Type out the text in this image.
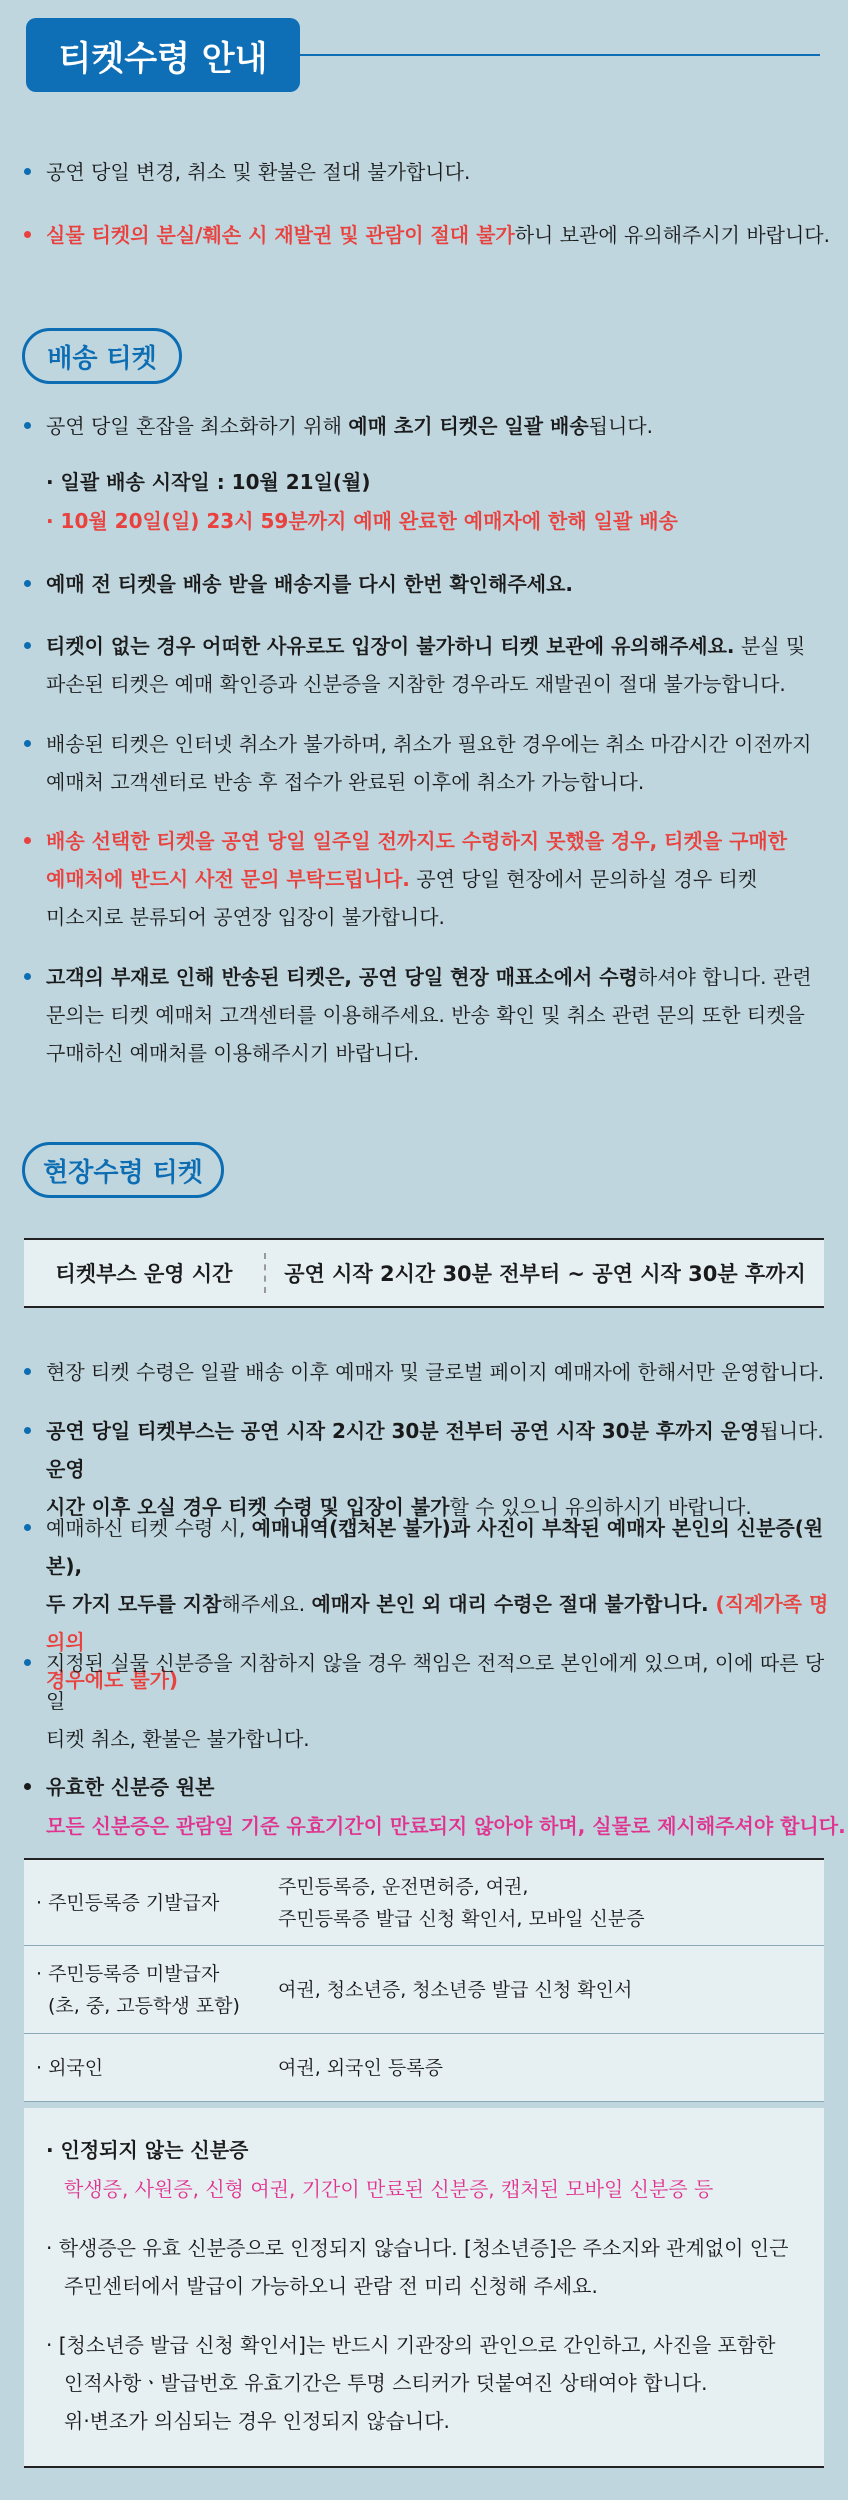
티켓수령 안내
공연 당일 변경, 취소 및 환불은 절대 불가합니다.
실물 티켓의 분실/훼손 시 재발권 및 관람이 절대 불가하니 보관에 유의해주시기 바랍니다.
배송 티켓
공연 당일 혼잡을 최소화하기 위해 예매 초기 티켓은 일괄 배송됩니다.
· 일괄 배송 시작일 : 10월 21일(월)
· 10월 20일(일) 23시 59분까지 예매 완료한 예매자에 한해 일괄 배송
예매 전 티켓을 배송 받을 배송지를 다시 한번 확인해주세요.
티켓이 없는 경우 어떠한 사유로도 입장이 불가하니 티켓 보관에 유의해주세요. 분실 및
파손된 티켓은 예매 확인증과 신분증을 지참한 경우라도 재발권이 절대 불가능합니다.
배송된 티켓은 인터넷 취소가 불가하며, 취소가 필요한 경우에는 취소 마감시간 이전까지
예매처 고객센터로 반송 후 접수가 완료된 이후에 취소가 가능합니다.
배송 선택한 티켓을 공연 당일 일주일 전까지도 수령하지 못했을 경우, 티켓을 구매한
예매처에 반드시 사전 문의 부탁드립니다. 공연 당일 현장에서 문의하실 경우 티켓
미소지로 분류되어 공연장 입장이 불가합니다.
고객의 부재로 인해 반송된 티켓은, 공연 당일 현장 매표소에서 수령하셔야 합니다. 관련
문의는 티켓 예매처 고객센터를 이용해주세요. 반송 확인 및 취소 관련 문의 또한 티켓을
구매하신 예매처를 이용해주시기 바랍니다.
현장수령 티켓
티켓부스 운영 시간	공연 시작 2시간 30분 전부터 ~ 공연 시작 30분 후까지
현장 티켓 수령은 일괄 배송 이후 예매자 및 글로벌 페이지 예매자에 한해서만 운영합니다.
공연 당일 티켓부스는 공연 시작 2시간 30분 전부터 공연 시작 30분 후까지 운영됩니다. 운영
시간 이후 오실 경우 티켓 수령 및 입장이 불가할 수 있으니 유의하시기 바랍니다.
예매하신 티켓 수령 시, 예매내역(캡처본 불가)과 사진이 부착된 예매자 본인의 신분증(원본),
두 가지 모두를 지참해주세요. 예매자 본인 외 대리 수령은 절대 불가합니다. (직계가족 명의의
경우에도 불가)
지정된 실물 신분증을 지참하지 않을 경우 책임은 전적으로 본인에게 있으며, 이에 따른 당일
티켓 취소, 환불은 불가합니다.
유효한 신분증 원본
모든 신분증은 관람일 기준 유효기간이 만료되지 않아야 하며, 실물로 제시해주셔야 합니다.
· 주민등록증 기발급자
주민등록증, 운전면허증, 여권,
주민등록증 발급 신청 확인서, 모바일 신분증
· 주민등록증 미발급자
(초, 중, 고등학생 포함)
여권, 청소년증, 청소년증 발급 신청 확인서
· 외국인	여권, 외국인 등록증
· 인정되지 않는 신분증
학생증, 사원증, 신형 여권, 기간이 만료된 신분증, 캡처된 모바일 신분증 등
· 학생증은 유효 신분증으로 인정되지 않습니다. [청소년증]은 주소지와 관계없이 인근
주민센터에서 발급이 가능하오니 관람 전 미리 신청해 주세요.
· [청소년증 발급 신청 확인서]는 반드시 기관장의 관인으로 간인하고, 사진을 포함한
인적사항ㆍ발급번호 유효기간은 투명 스티커가 덧붙여진 상태여야 합니다.
위·변조가 의심되는 경우 인정되지 않습니다.
